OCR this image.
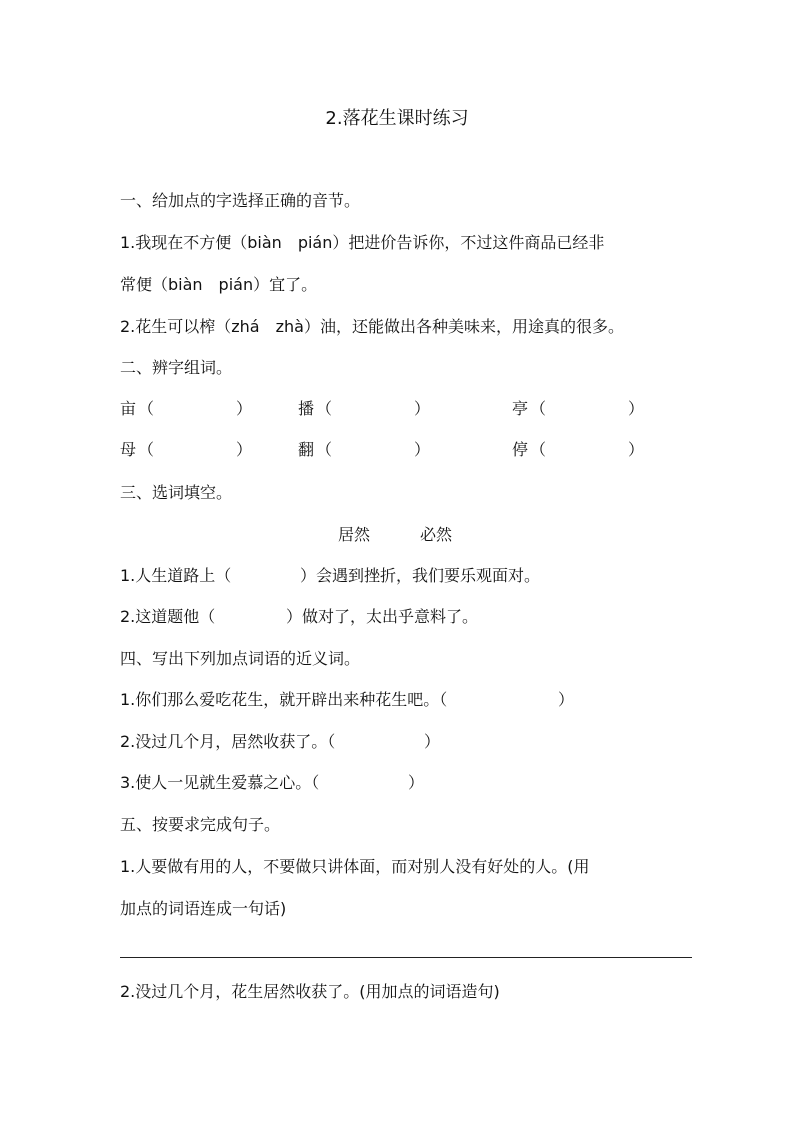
2.落花生课时练习
一、给加点的字选择正确的音节。
1.我现在不方便（biàn　pián）把进价告诉你，不过这件商品已经非
常便（biàn　pián）宜了。
2.花生可以榨（zhá　zhà）油，还能做出各种美味来，用途真的很多。
二、辨字组词。
亩 （	）	播 （	）	亭 （	）
母 （	）	翻 （	）	停 （	）
三、选词填空。
居然	必然
1.人生道路上（	）会遇到挫折，我们要乐观面对。
2.这道题他（	）做对了，太出乎意料了。
四、写出下列加点词语的近义词。
1.你们那么爱吃花生，就开辟出来种花生吧。（	）
2.没过几个月，居然收获了。（	）
3.使人一见就生爱慕之心。（	）
五、按要求完成句子。
1.人要做有用的人，不要做只讲体面，而对别人没有好处的人。(用
加点的词语连成一句话)
2.没过几个月，花生居然收获了。(用加点的词语造句)
